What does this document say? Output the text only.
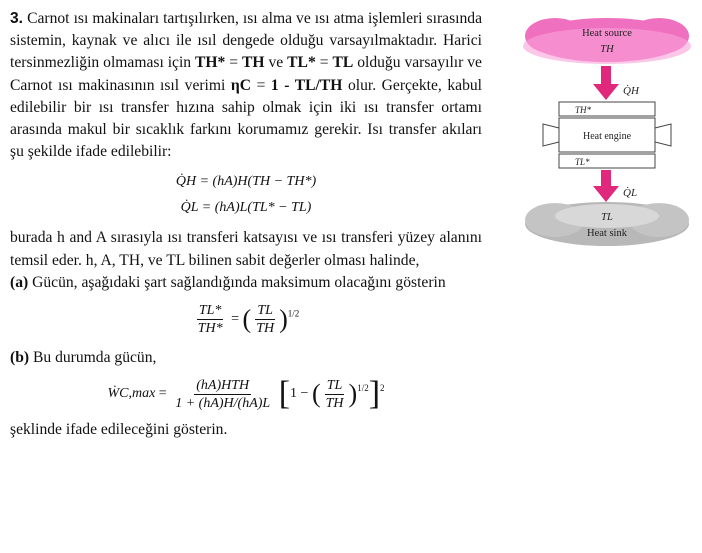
3. Carnot ısı makinaları tartışılırken, ısı alma ve ısı atma işlemleri sırasında sistemin, kaynak ve alıcı ile ısıl dengede olduğu varsayılmaktadır. Harici tersinmezliğin olmaması için TH* = TH ve TL* = TL olduğu varsayılır ve Carnot ısı makinasının ısıl verimi ηC = 1 - TL/TH olur. Gerçekte, kabul edilebilir bir ısı transfer hızına sahip olmak için iki ısı transfer ortamı arasında makul bir sıcaklık farkını korumamız gerekir. Isı transfer akıları şu şekilde ifade edilebilir:

Q̇H = (hA)H(TH − TH*)
Q̇L = (hA)L(TL* − TL)

burada h and A sırasıyla ısı transferi katsayısı ve ısı transferi yüzey alanını temsil eder. h, A, TH, ve TL bilinen sabit değerler olması halinde,

(a) Gücün, aşağıdaki şart sağlandığında maksimum olacağını gösterin

$\frac{TL*}{TH*}$ = ( $\frac{TL}{TH} )^{1/2}$

(b) Bu durumda gücün,

ẆC,max = $\frac{\text{(hA)HTH}}{1 + (hA)H/(hA)L} [1$ − ( $\frac{TL}{TH} )^{1/2}]^2$

şeklinde ifade edileceğini gösterin.

Heat source
TH
Q̇H
TH*
Heat engine
TL*
Q̇L
TL
Heat sink
